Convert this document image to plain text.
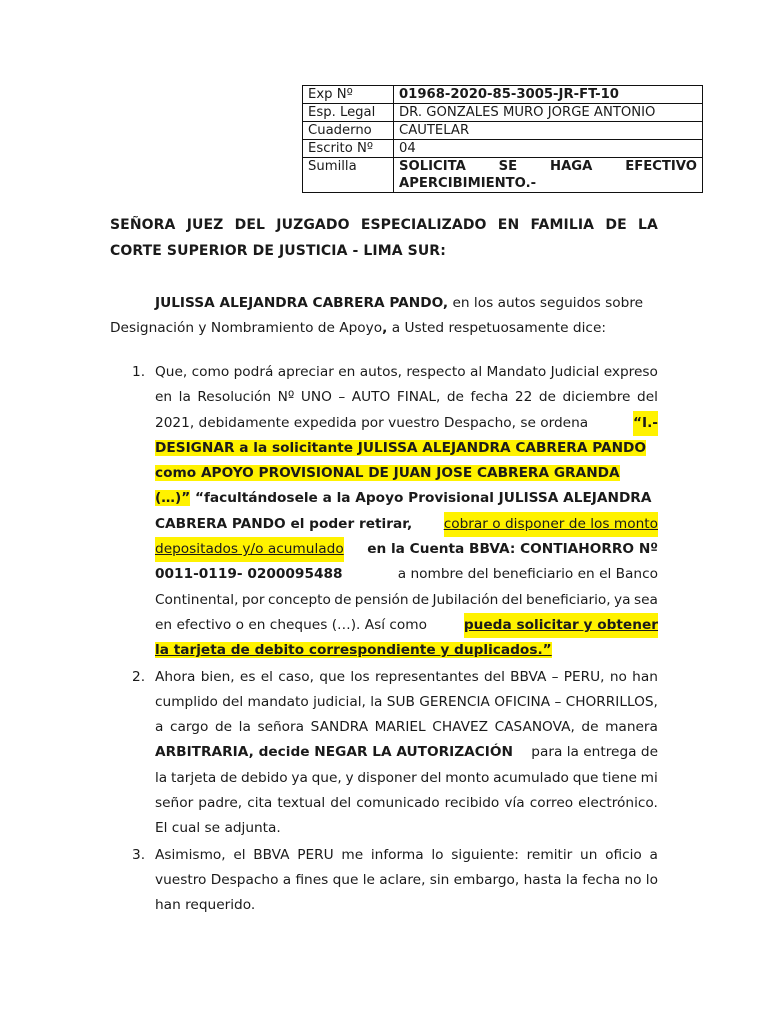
Exp Nº	01968-2020-85-3005-JR-FT-10
Esp. Legal	DR. GONZALES MURO JORGE ANTONIO
Cuaderno	CAUTELAR
Escrito Nº	04
Sumilla	SOLICITA SE HAGA EFECTIVO
APERCIBIMIENTO.-
SEÑORA JUEZ DEL JUZGADO ESPECIALIZADO EN FAMILIA DE LA
CORTE SUPERIOR DE JUSTICIA - LIMA SUR:
JULISSA ALEJANDRA CABRERA PANDO, en los autos seguidos sobre
Designación y Nombramiento de Apoyo, a Usted respetuosamente dice:
1. Que, como podrá apreciar en autos, respecto al Mandato Judicial expreso
en la Resolución Nº UNO – AUTO FINAL, de fecha 22 de diciembre del
2021, debidamente expedida por vuestro Despacho, se ordena	“I.-
DESIGNAR a la solicitante JULISSA ALEJANDRA CABRERA PANDO
como APOYO PROVISIONAL DE JUAN JOSE CABRERA GRANDA
(…)” “facultándosele a la Apoyo Provisional JULISSA ALEJANDRA
CABRERA PANDO el poder retirar, cobrar o disponer de los monto
depositados y/o acumulado en la Cuenta BBVA: CONTIAHORRO Nº
0011-0119- 0200095488	a nombre del beneficiario en el Banco
Continental, por concepto de pensión de Jubilación del beneficiario, ya sea
en efectivo o en cheques (…). Así como	pueda solicitar y obtener
la tarjeta de debito correspondiente y duplicados.”
2. Ahora bien, es el caso, que los representantes del BBVA – PERU, no han
cumplido del mandato judicial, la SUB GERENCIA OFICINA – CHORRILLOS,
a cargo de la señora SANDRA MARIEL CHAVEZ CASANOVA, de manera
ARBITRARIA, decide NEGAR LA AUTORIZACIÓN para la entrega de
la tarjeta de debido ya que, y disponer del monto acumulado que tiene mi
señor padre, cita textual del comunicado recibido vía correo electrónico.
El cual se adjunta.
3. Asimismo, el BBVA PERU me informa lo siguiente: remitir un oficio a
vuestro Despacho a fines que le aclare, sin embargo, hasta la fecha no lo
han requerido.
